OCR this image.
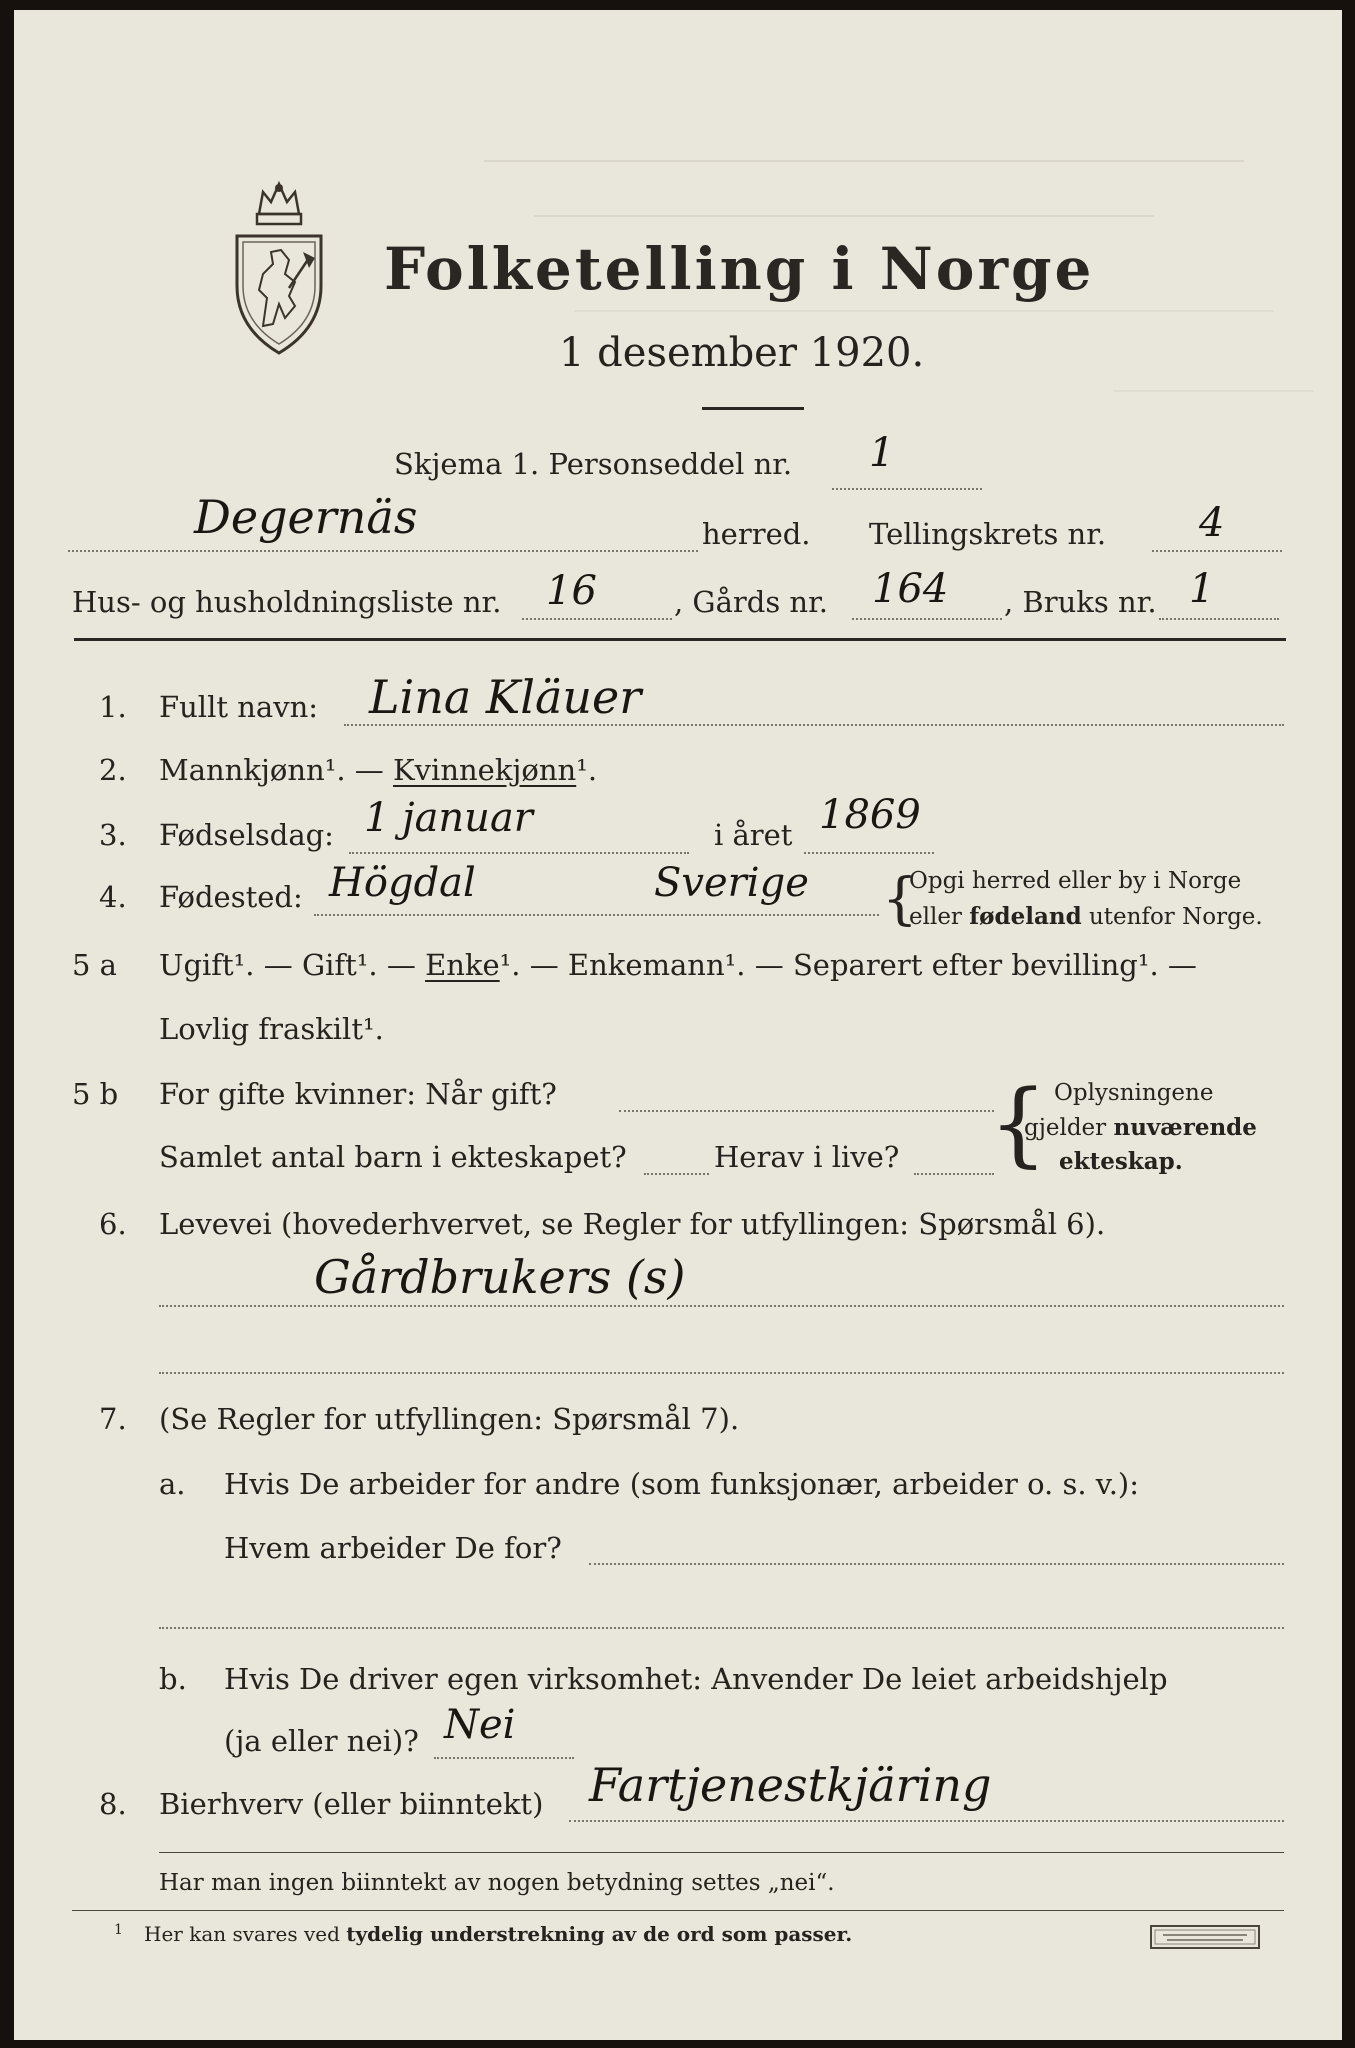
Folketelling i Norge
1 desember 1920.
Skjema 1. Personseddel nr. 1
Degernäs	herred. Tellingskrets nr. 4
Hus- og husholdningsliste nr. 16	, Gårds nr. 164 , Bruks nr. 1
1. Fullt navn: Lina Kläuer
2. Mannkjønn¹. — Kvinnekjønn¹.
3. Fødselsdag: 1 januar	i året 1869
4. Fødested: Högdal	Sverige {
Opgi herred eller by i Norge
eller fødeland utenfor Norge.
5 a Ugift¹. — Gift¹. — Enke¹. — Enkemann¹. — Separert efter bevilling¹. —
Lovlig fraskilt¹.
5 b For gifte kvinner: Når gift?
Samlet antal barn i ekteskapet?	Herav i live? { Oplysningene
gjelder nuværende
ekteskap.
6. Levevei (hovederhvervet, se Regler for utfyllingen: Spørsmål 6).
Gårdbrukers (s)
7. (Se Regler for utfyllingen: Spørsmål 7).
a. Hvis De arbeider for andre (som funksjonær, arbeider o. s. v.):
Hvem arbeider De for?
b. Hvis De driver egen virksomhet: Anvender De leiet arbeidshjelp
(ja eller nei)? Nei
8. Bierhverv (eller biinntekt) Fartjenestkjäring
Har man ingen biinntekt av nogen betydning settes „nei“.
1 Her kan svares ved tydelig understrekning av de ord som passer.
